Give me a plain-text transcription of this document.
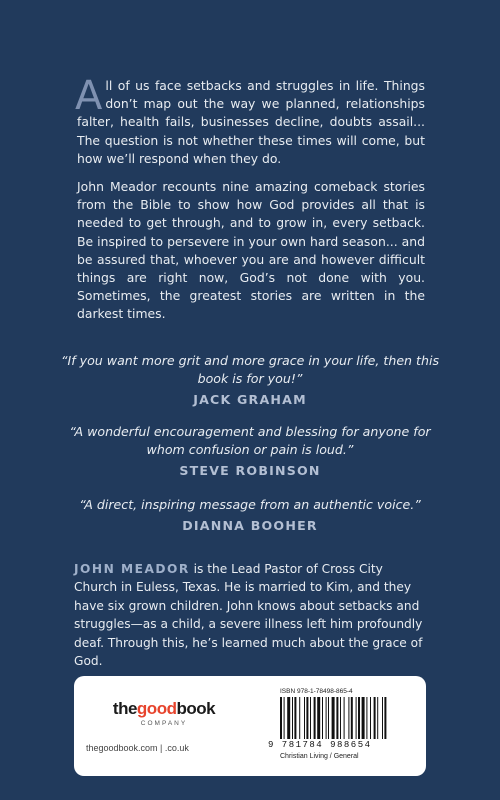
All of us face setbacks and struggles in life. Things don’t map out the way we planned, relationships falter, health fails, businesses decline, doubts assail... The question is not whether these times will come, but how we’ll respond when they do.

John Meador recounts nine amazing comeback stories from the Bible to show how God provides all that is needed to get through, and to grow in, every setback. Be inspired to persevere in your own hard season... and be assured that, whoever you are and however difficult things are right now, God’s not done with you. Sometimes, the greatest stories are written in the darkest times.

“If you want more grit and more grace in your life, then this book is for you!”
JACK GRAHAM
“A wonderful encouragement and blessing for anyone for whom confusion or pain is loud.”
STEVE ROBINSON
“A direct, inspiring message from an authentic voice.”
DIANNA BOOHER
JOHN MEADOR is the Lead Pastor of Cross City Church in Euless, Texas. He is married to Kim, and they have six grown children. John knows about setbacks and struggles—as a child, a severe illness left him profoundly deaf. Through this, he’s learned much about the grace of God.
thegoodbook
COMPANY
thegoodbook.com | .co.uk
ISBN 978-1-78498-865-4
9 781784 988654
Christian Living / General
